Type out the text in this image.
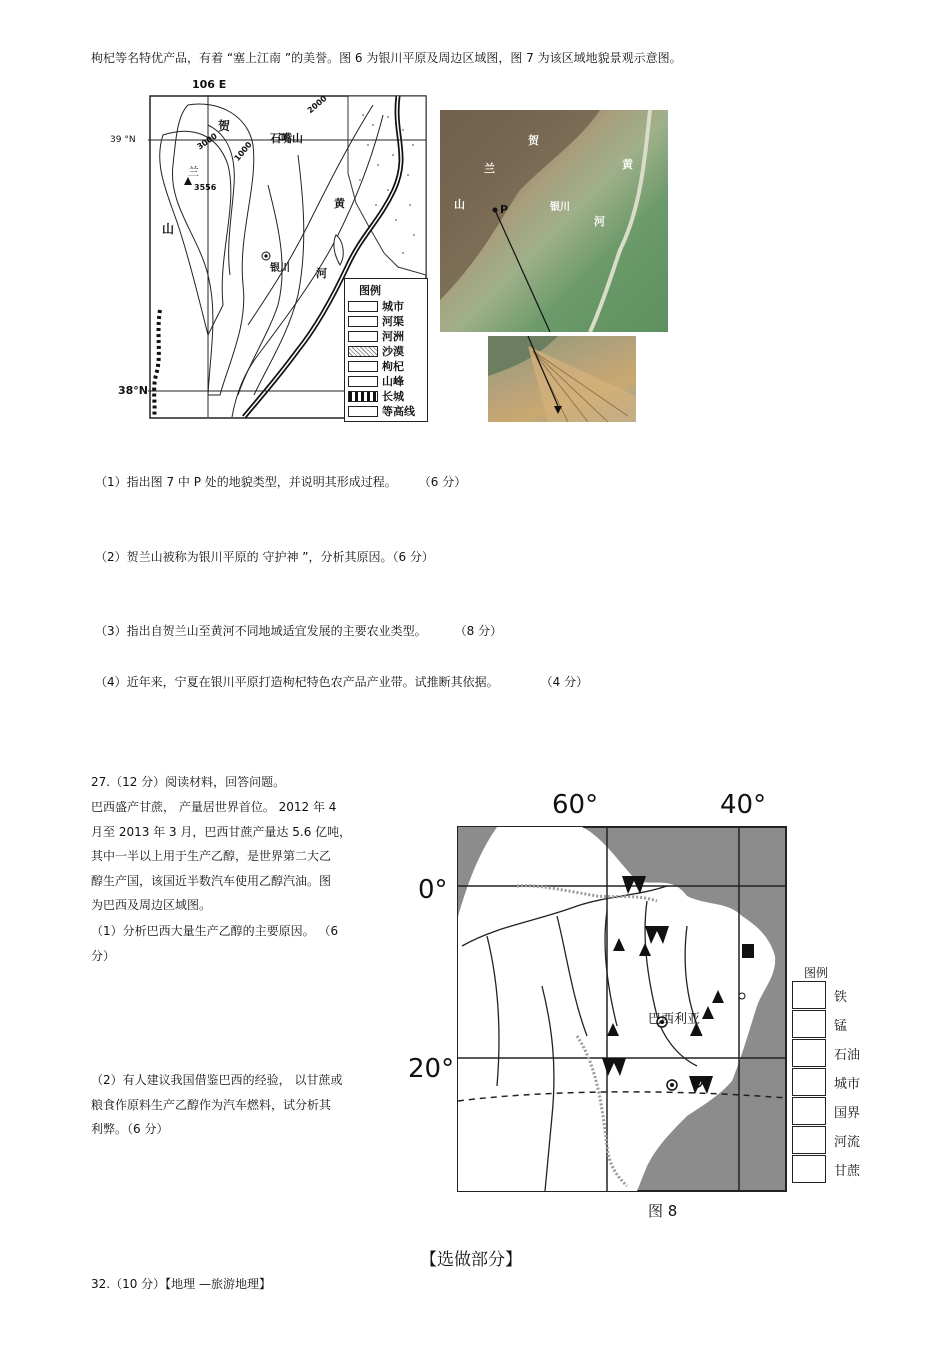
枸杞等名特优产品，有着 “塞上江南 ”的美誉。图 6 为银川平原及周边区域图，图 7 为该区域地貌景观示意图。
106 E
39 °N
38°N
贺
兰
山
石嘴山
银川
黄
河
3000 1000
2000
3556
图例
城市
河渠
河洲
沙漠
枸杞
山峰
长城
等高线
贺
兰
山	P	银川
黄
河
（1）指出图 7 中 P 处的地貌类型，并说明其形成过程。 （6 分）
（2）贺兰山被称为银川平原的 守护神 ”，分析其原因。（6 分）
（3）指出自贺兰山至黄河不同地域适宜发展的主要农业类型。	（8 分）
（4）近年来，宁夏在银川平原打造枸杞特色农产品产业带。试推断其依据。	（4 分）
27.（12 分）阅读材料，回答问题。
巴西盛产甘蔗， 产量居世界首位。 2012 年 4
月至 2013 年 3 月，巴西甘蔗产量达 5.6 亿吨，
其中一半以上用于生产乙醇，是世界第二大乙
醇生产国，该国近半数汽车使用乙醇汽油。图
为巴西及周边区域图。
（1）分析巴西大量生产乙醇的主要原因。 （6
分）
（2）有人建议我国借鉴巴西的经验， 以甘蔗或
粮食作原料生产乙醇作为汽车燃料，试分析其
利弊。（6 分）
60°	40°
0°
20°
巴西利亚
图 8
图例
铁
锰
石油
城市
国界
河流
甘蔗
【选做部分】
32.（10 分）【地理 —旅游地理】
